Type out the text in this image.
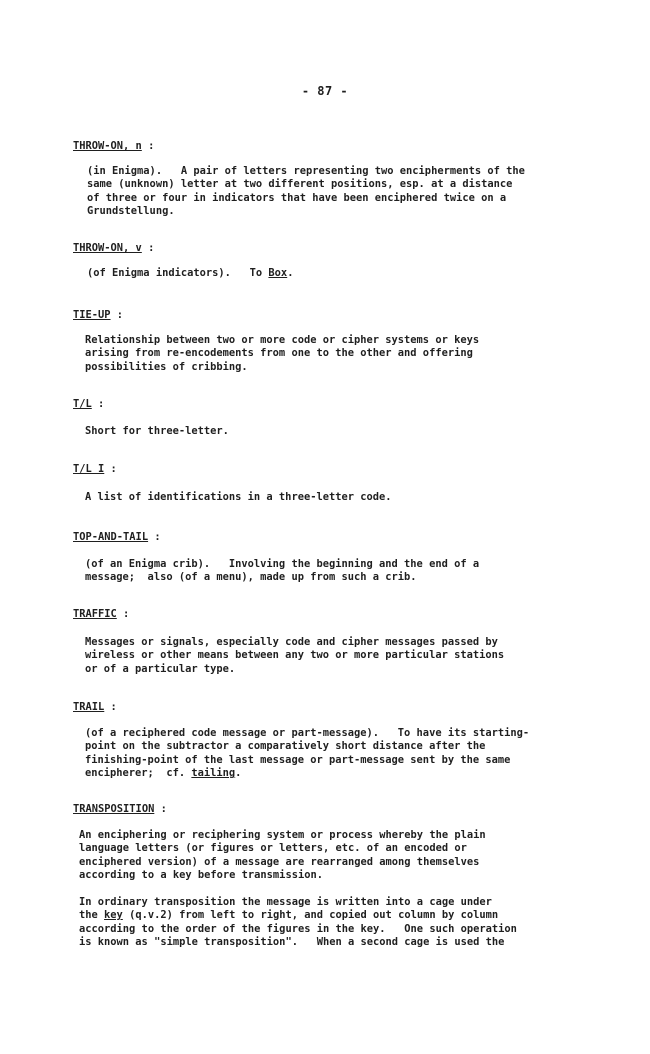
- 87 -
THROW-ON, n :
(in Enigma).   A pair of letters representing two encipherments of the
same (unknown) letter at two different positions, esp. at a distance
of three or four in indicators that have been enciphered twice on a
Grundstellung.
THROW-ON, v :
(of Enigma indicators).   To Box.
TIE-UP :
Relationship between two or more code or cipher systems or keys
arising from re-encodements from one to the other and offering
possibilities of cribbing.
T/L :
Short for three-letter.
T/L I :
A list of identifications in a three-letter code.
TOP-AND-TAIL :
(of an Enigma crib).   Involving the beginning and the end of a
message;  also (of a menu), made up from such a crib.
TRAFFIC :
Messages or signals, especially code and cipher messages passed by
wireless or other means between any two or more particular stations
or of a particular type.
TRAIL :
(of a reciphered code message or part-message).   To have its starting-
point on the subtractor a comparatively short distance after the
finishing-point of the last message or part-message sent by the same
encipherer;  cf. tailing.
TRANSPOSITION :
An enciphering or reciphering system or process whereby the plain
language letters (or figures or letters, etc. of an encoded or
enciphered version) of a message are rearranged among themselves
according to a key before transmission.
In ordinary transposition the message is written into a cage under
the key (q.v.2) from left to right, and copied out column by column
according to the order of the figures in the key.   One such operation
is known as "simple transposition".   When a second cage is used the
